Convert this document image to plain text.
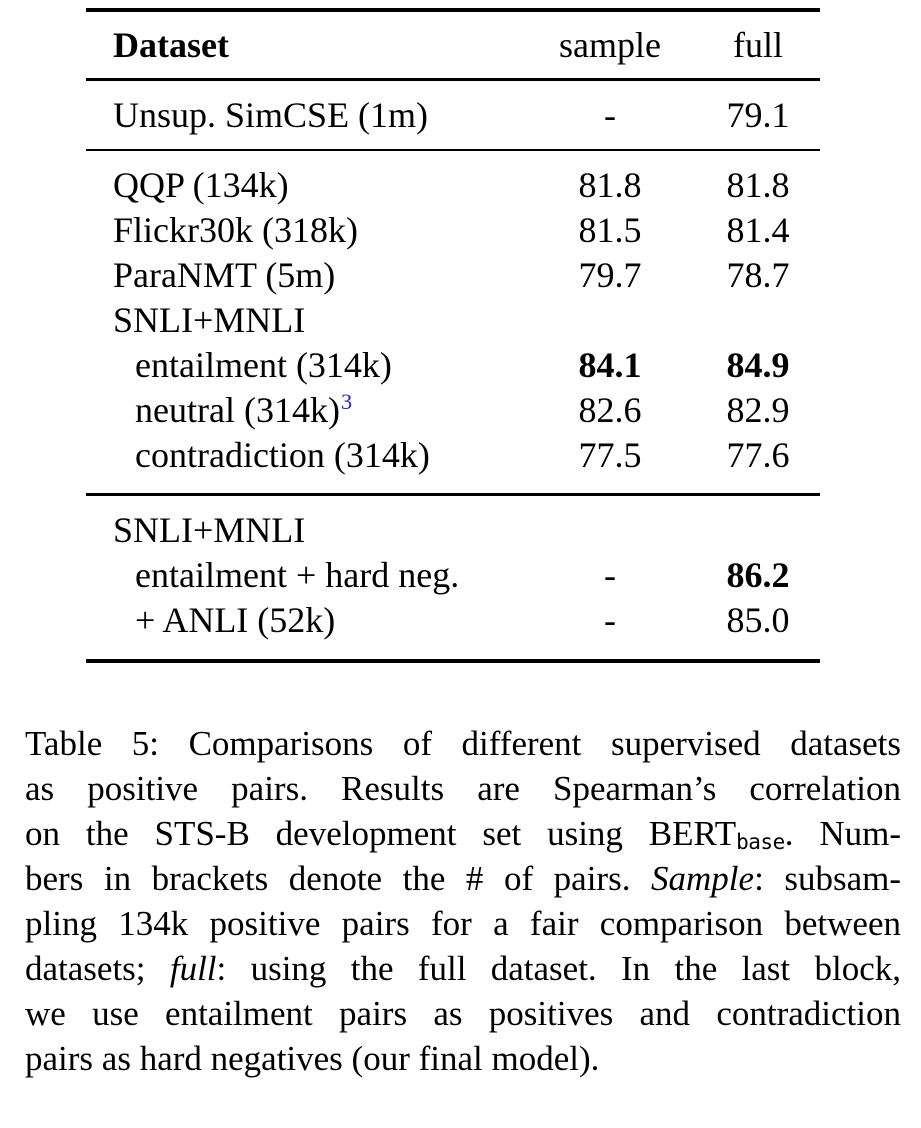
Dataset	sample	full
Unsup. SimCSE (1m)	-	79.1
QQP (134k)	81.8	81.8
Flickr30k (318k)	81.5	81.4
ParaNMT (5m)	79.7	78.7
SNLI+MNLI
entailment (314k)	84.1	84.9
neutral (314k)$^3$	82.6	82.9
contradiction (314k)	77.5	77.6
SNLI+MNLI
entailment + hard neg.	-	86.2
+ ANLI (52k)	-	85.0
Table 5: Comparisons of different supervised datasets
as positive pairs. Results are Spearman’s correlation
on the STS-B development set using BERTbase. Num-
bers in brackets denote the # of pairs. Sample: subsam-
pling 134k positive pairs for a fair comparison between
datasets; full: using the full dataset. In the last block,
we use entailment pairs as positives and contradiction
pairs as hard negatives (our final model).
